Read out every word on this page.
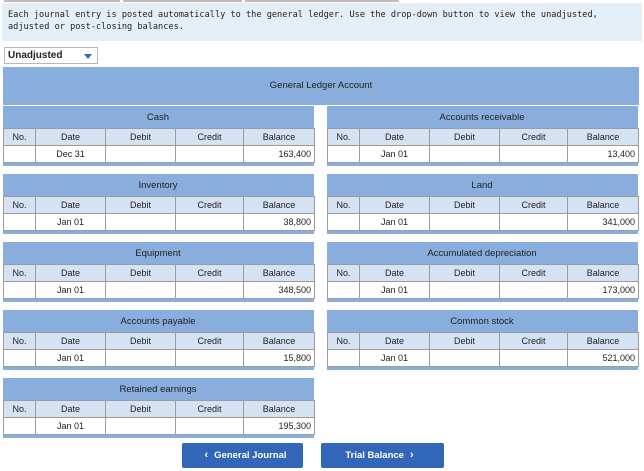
Each journal entry is posted automatically to the general ledger. Use the drop-down button to view the unadjusted, adjusted or post-closing balances.
Unadjusted
General Ledger Account
Cash
No.	Date	Debit	Credit	Balance
	Dec 31			163,400
Accounts receivable
No.	Date	Debit	Credit	Balance
	Jan 01			13,400
Inventory
No.	Date	Debit	Credit	Balance
	Jan 01			38,800
Land
No.	Date	Debit	Credit	Balance
	Jan 01			341,000
Equipment
No.	Date	Debit	Credit	Balance
	Jan 01			348,500
Accumulated depreciation
No.	Date	Debit	Credit	Balance
	Jan 01			173,000
Accounts payable
No.	Date	Debit	Credit	Balance
	Jan 01			15,800
Common stock
No.	Date	Debit	Credit	Balance
	Jan 01			521,000
Retained earnings
No.	Date	Debit	Credit	Balance
	Jan 01			195,300
‹ General Journal	Trial Balance ›
